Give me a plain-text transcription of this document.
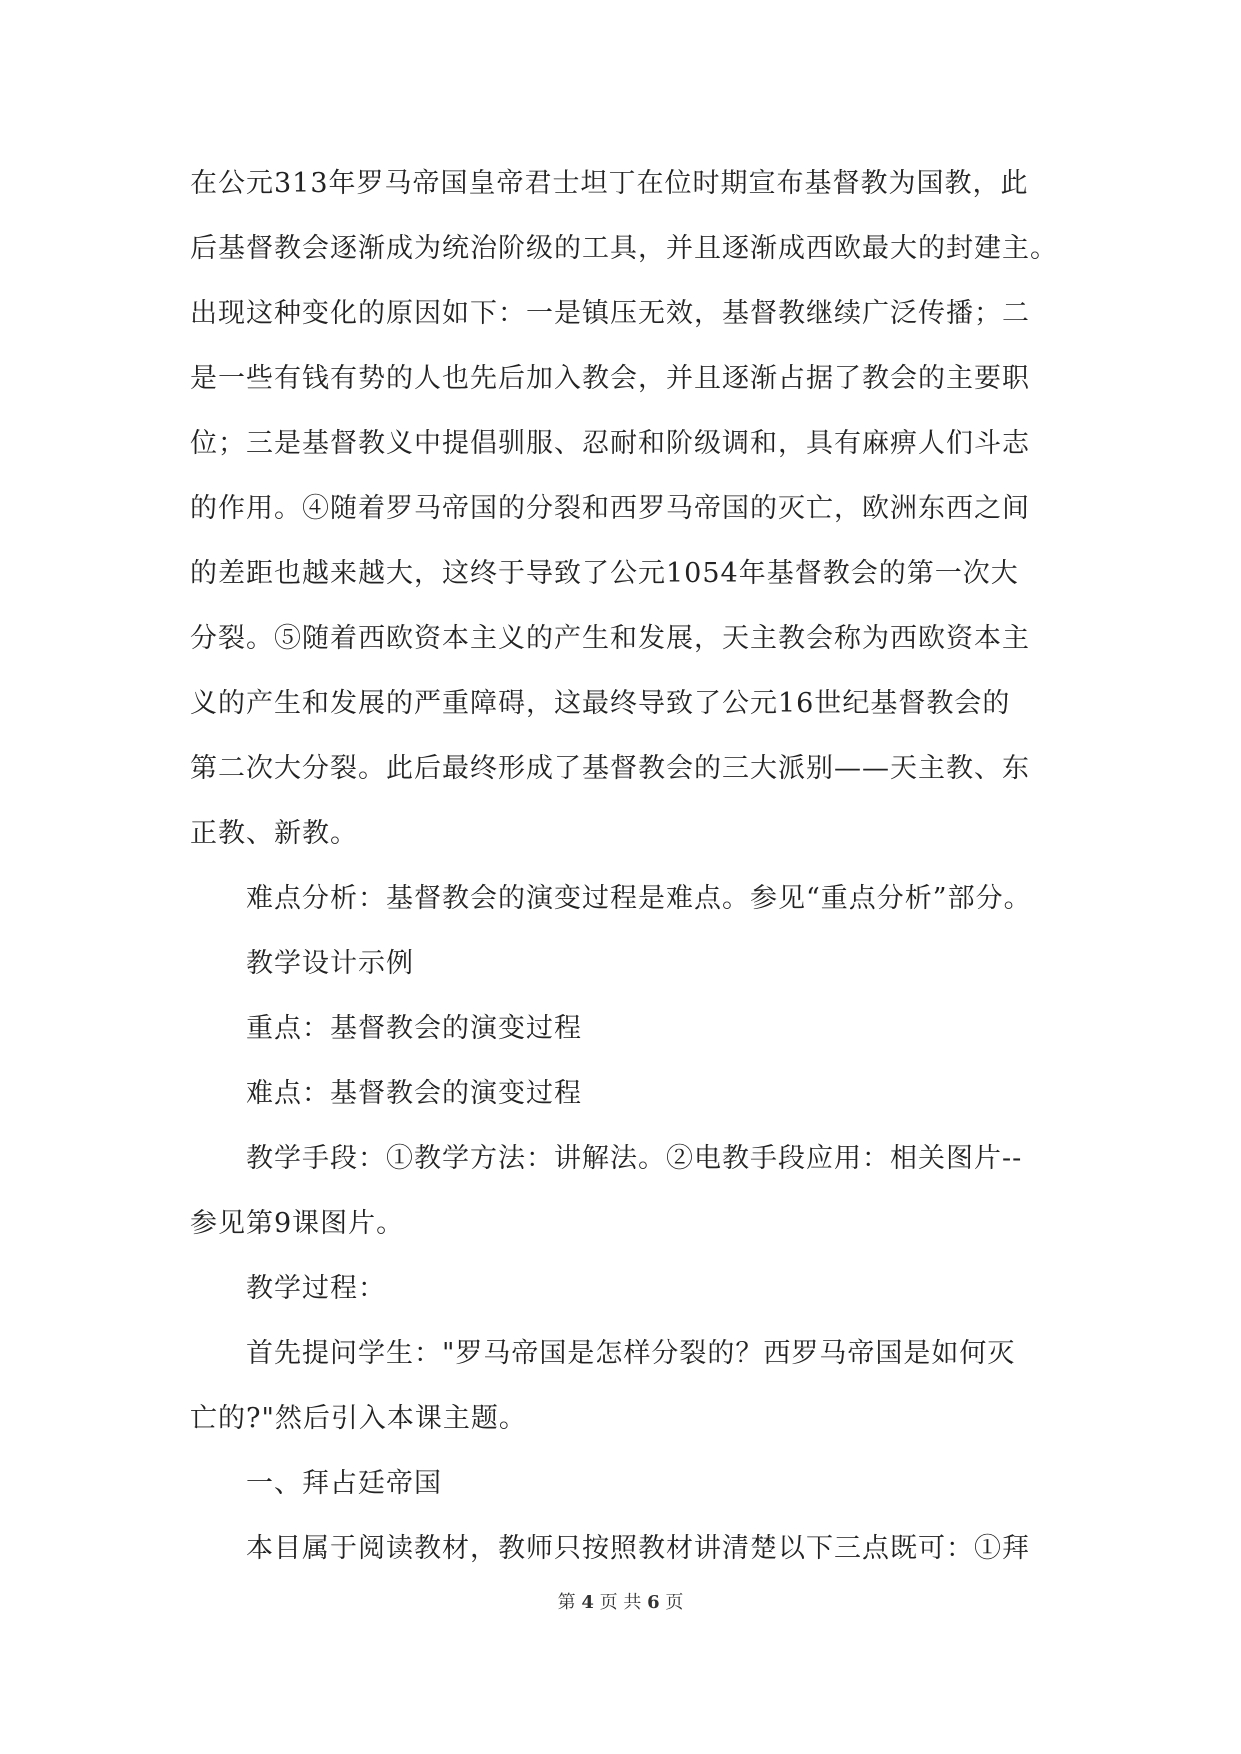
在公元313年罗马帝国皇帝君士坦丁在位时期宣布基督教为国教，此
后基督教会逐渐成为统治阶级的工具，并且逐渐成西欧最大的封建主。
出现这种变化的原因如下：一是镇压无效，基督教继续广泛传播；二
是一些有钱有势的人也先后加入教会，并且逐渐占据了教会的主要职
位；三是基督教义中提倡驯服、忍耐和阶级调和，具有麻痹人们斗志
的作用。④随着罗马帝国的分裂和西罗马帝国的灭亡，欧洲东西之间
的差距也越来越大，这终于导致了公元1054年基督教会的第一次大
分裂。⑤随着西欧资本主义的产生和发展，天主教会称为西欧资本主
义的产生和发展的严重障碍，这最终导致了公元16世纪基督教会的
第二次大分裂。此后最终形成了基督教会的三大派别——天主教、东
正教、新教。
难点分析：基督教会的演变过程是难点。参见“重点分析”部分。
教学设计示例
重点：基督教会的演变过程
难点：基督教会的演变过程
教学手段：①教学方法：讲解法。②电教手段应用：相关图片--
参见第9课图片。
教学过程：
首先提问学生："罗马帝国是怎样分裂的？西罗马帝国是如何灭
亡的?"然后引入本课主题。
一、拜占廷帝国
本目属于阅读教材，教师只按照教材讲清楚以下三点既可：①拜
第 4 页 共 6 页
